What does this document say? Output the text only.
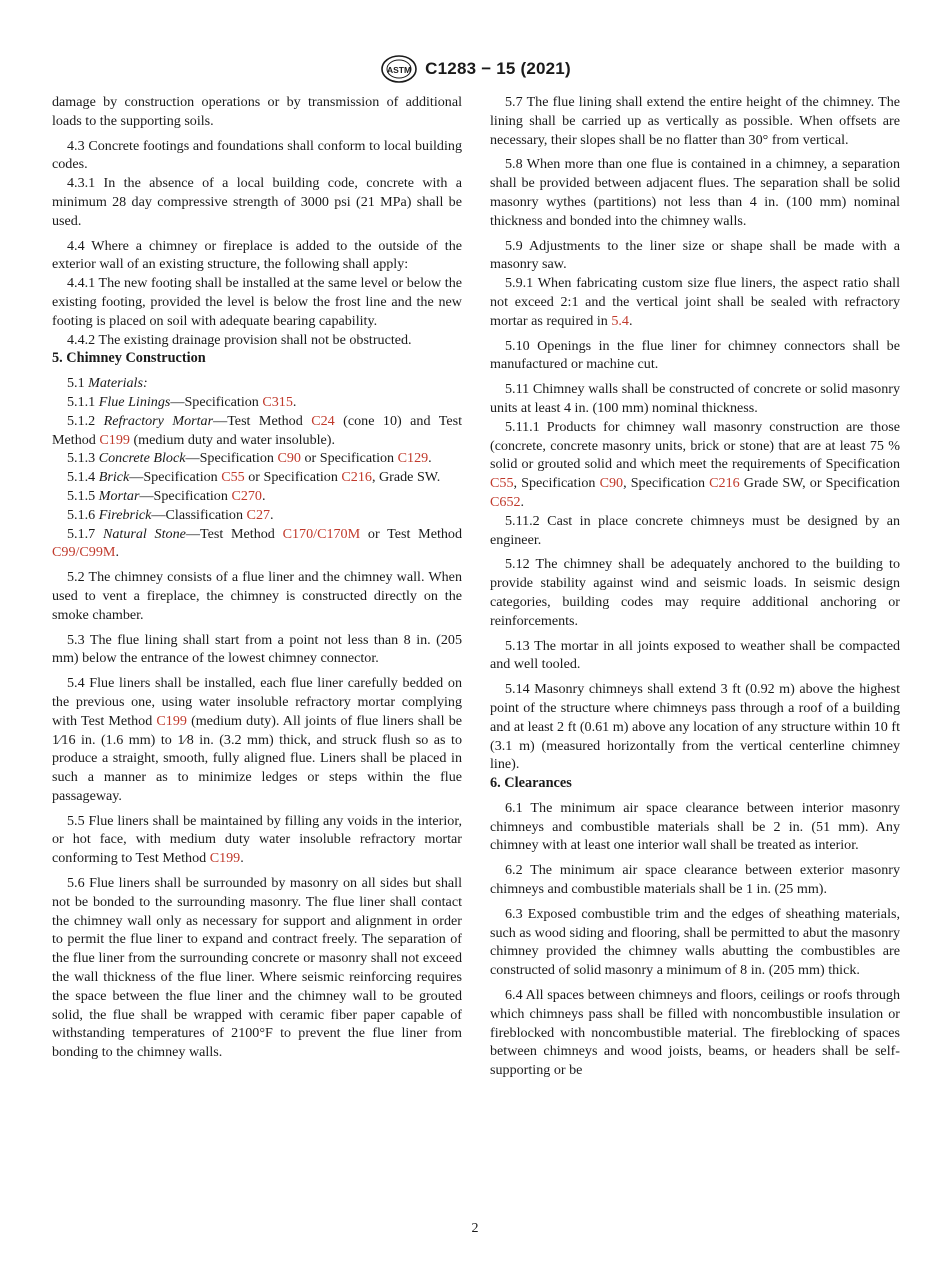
ASTM C1283 − 15 (2021)

damage by construction operations or by transmission of additional loads to the supporting soils.

4.3 Concrete footings and foundations shall conform to local building codes.

4.3.1 In the absence of a local building code, concrete with a minimum 28 day compressive strength of 3000 psi (21 MPa) shall be used.

4.4 Where a chimney or fireplace is added to the outside of the exterior wall of an existing structure, the following shall apply:

4.4.1 The new footing shall be installed at the same level or below the existing footing, provided the level is below the frost line and the new footing is placed on soil with adequate bearing capability.

4.4.2 The existing drainage provision shall not be obstructed.

5. Chimney Construction

5.1 Materials:

5.1.1 Flue Linings—Specification C315.

5.1.2 Refractory Mortar—Test Method C24 (cone 10) and Test Method C199 (medium duty and water insoluble).

5.1.3 Concrete Block—Specification C90 or Specification C129.

5.1.4 Brick—Specification C55 or Specification C216, Grade SW.

5.1.5 Mortar—Specification C270.

5.1.6 Firebrick—Classification C27.

5.1.7 Natural Stone—Test Method C170/C170M or Test Method C99/C99M.

5.2 The chimney consists of a flue liner and the chimney wall. When used to vent a fireplace, the chimney is constructed directly on the smoke chamber.

5.3 The flue lining shall start from a point not less than 8 in. (205 mm) below the entrance of the lowest chimney connector.

5.4 Flue liners shall be installed, each flue liner carefully bedded on the previous one, using water insoluble refractory mortar complying with Test Method C199 (medium duty). All joints of flue liners shall be 1⁄16 in. (1.6 mm) to 1⁄8 in. (3.2 mm) thick, and struck flush so as to produce a straight, smooth, fully aligned flue. Liners shall be placed in such a manner as to minimize ledges or steps within the flue passageway.

5.5 Flue liners shall be maintained by filling any voids in the interior, or hot face, with medium duty water insoluble refractory mortar conforming to Test Method C199.

5.6 Flue liners shall be surrounded by masonry on all sides but shall not be bonded to the surrounding masonry. The flue liner shall contact the chimney wall only as necessary for support and alignment in order to permit the flue liner to expand and contract freely. The separation of the flue liner from the surrounding concrete or masonry shall not exceed the wall thickness of the flue liner. Where seismic reinforcing requires the space between the flue liner and the chimney wall to be grouted solid, the flue shall be wrapped with ceramic fiber paper capable of withstanding temperatures of 2100°F to prevent the flue liner from bonding to the chimney walls.

5.7 The flue lining shall extend the entire height of the chimney. The lining shall be carried up as vertically as possible. When offsets are necessary, their slopes shall be no flatter than 30° from vertical.

5.8 When more than one flue is contained in a chimney, a separation shall be provided between adjacent flues. The separation shall be solid masonry wythes (partitions) not less than 4 in. (100 mm) nominal thickness and bonded into the chimney walls.

5.9 Adjustments to the liner size or shape shall be made with a masonry saw.

5.9.1 When fabricating custom size flue liners, the aspect ratio shall not exceed 2:1 and the vertical joint shall be sealed with refractory mortar as required in 5.4.

5.10 Openings in the flue liner for chimney connectors shall be manufactured or machine cut.

5.11 Chimney walls shall be constructed of concrete or solid masonry units at least 4 in. (100 mm) nominal thickness.

5.11.1 Products for chimney wall masonry construction are those (concrete, concrete masonry units, brick or stone) that are at least 75 % solid or grouted solid and which meet the requirements of Specification C55, Specification C90, Specification C216 Grade SW, or Specification C652.

5.11.2 Cast in place concrete chimneys must be designed by an engineer.

5.12 The chimney shall be adequately anchored to the building to provide stability against wind and seismic loads. In seismic design categories, building codes may require additional anchoring or reinforcements.

5.13 The mortar in all joints exposed to weather shall be compacted and well tooled.

5.14 Masonry chimneys shall extend 3 ft (0.92 m) above the highest point of the structure where chimneys pass through a roof of a building and at least 2 ft (0.61 m) above any location of any structure within 10 ft (3.1 m) (measured horizontally from the vertical centerline chimney line).

6. Clearances

6.1 The minimum air space clearance between interior masonry chimneys and combustible materials shall be 2 in. (51 mm). Any chimney with at least one interior wall shall be treated as interior.

6.2 The minimum air space clearance between exterior masonry chimneys and combustible materials shall be 1 in. (25 mm).

6.3 Exposed combustible trim and the edges of sheathing materials, such as wood siding and flooring, shall be permitted to abut the masonry chimney provided the chimney walls abutting the combustibles are constructed of solid masonry a minimum of 8 in. (205 mm) thick.

6.4 All spaces between chimneys and floors, ceilings or roofs through which chimneys pass shall be filled with noncombustible insulation or fireblocked with noncombustible material. The fireblocking of spaces between chimneys and wood joists, beams, or headers shall be self-supporting or be

2
